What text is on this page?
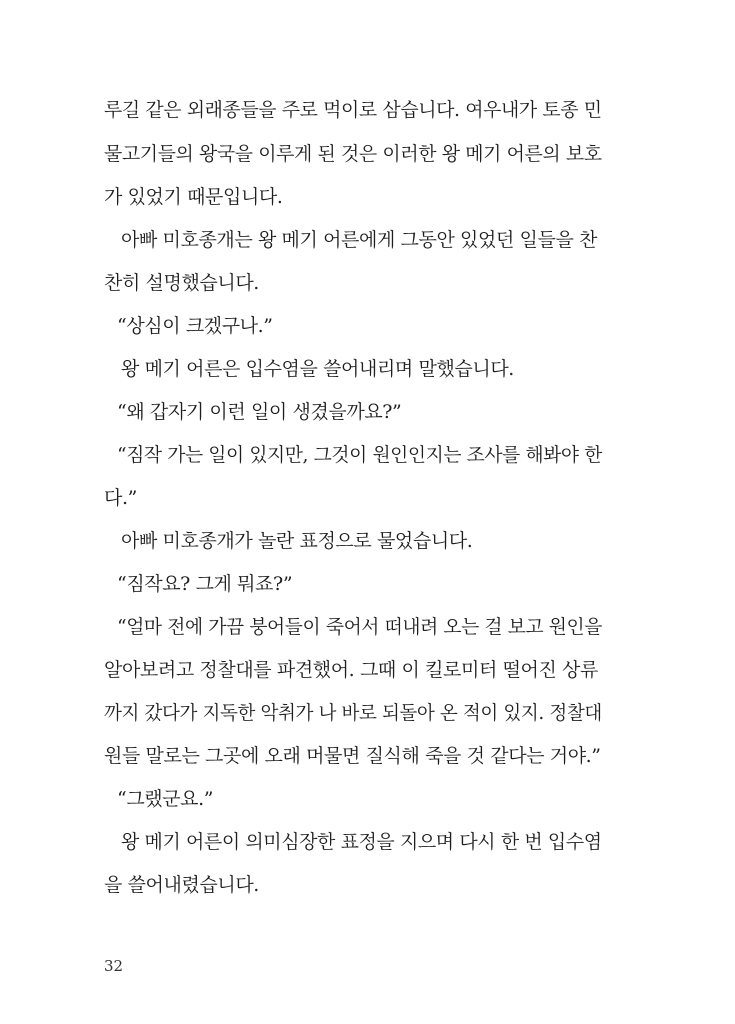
루길 같은 외래종들을 주로 먹이로 삼습니다. 여우내가 토종 민
물고기들의 왕국을 이루게 된 것은 이러한 왕 메기 어른의 보호
가 있었기 때문입니다.
아빠 미호종개는 왕 메기 어른에게 그동안 있었던 일들을 찬
찬히 설명했습니다.
“상심이 크겠구나.”
왕 메기 어른은 입수염을 쓸어내리며 말했습니다.
“왜 갑자기 이런 일이 생겼을까요?”
“짐작 가는 일이 있지만, 그것이 원인인지는 조사를 해봐야 한
다.”
아빠 미호종개가 놀란 표정으로 물었습니다.
“짐작요? 그게 뭐죠?”
“얼마 전에 가끔 붕어들이 죽어서 떠내려 오는 걸 보고 원인을
알아보려고 정찰대를 파견했어. 그때 이 킬로미터 떨어진 상류
까지 갔다가 지독한 악취가 나 바로 되돌아 온 적이 있지. 정찰대
원들 말로는 그곳에 오래 머물면 질식해 죽을 것 같다는 거야.”
“그랬군요.”
왕 메기 어른이 의미심장한 표정을 지으며 다시 한 번 입수염
을 쓸어내렸습니다.
32
